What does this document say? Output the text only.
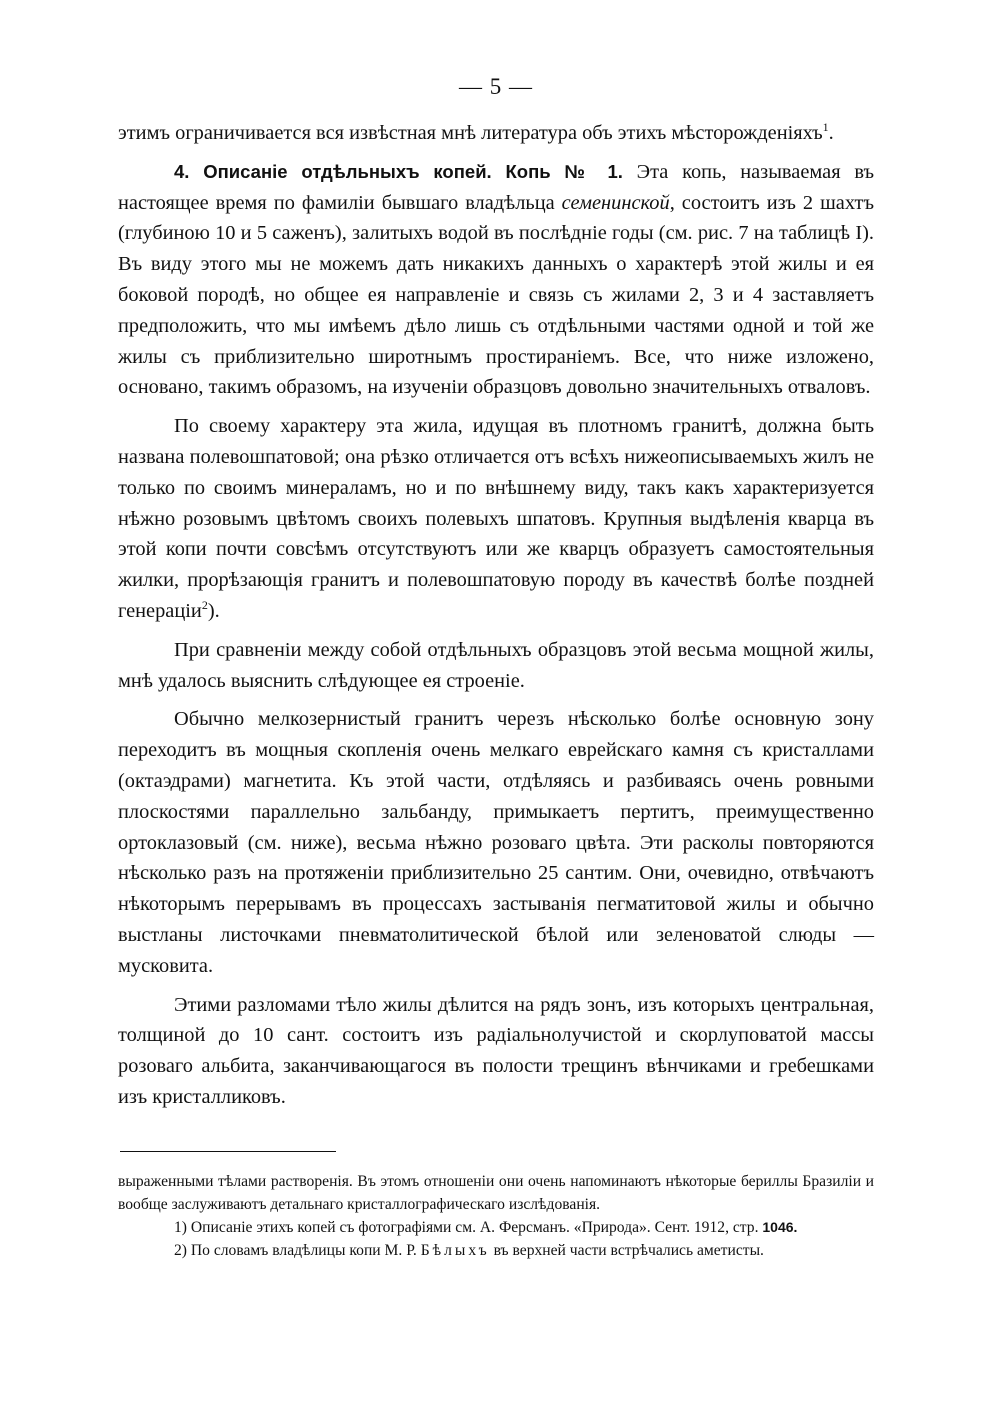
— 5 —

этимъ ограничивается вся извѣстная мнѣ литература объ этихъ мѣсторожденіяхъ$^1$.

4. Описаніе отдѣльныхъ копей. Копь № 1. Эта копь, называемая въ настоящее время по фамиліи бывшаго владѣльца семенинской, состоитъ изъ 2 шахтъ (глубиною 10 и 5 саженъ), залитыхъ водой въ послѣдніе годы (см. рис. 7 на таблицѣ I). Въ виду этого мы не можемъ дать никакихъ данныхъ о характерѣ этой жилы и ея боковой породѣ, но общее ея направленіе и связь съ жилами 2, 3 и 4 заставляетъ предположить, что мы имѣемъ дѣло лишь съ отдѣльными частями одной и той же жилы съ приблизительно широтнымъ простираніемъ. Все, что ниже изложено, основано, такимъ образомъ, на изученіи образцовъ довольно значительныхъ отваловъ.

По своему характеру эта жила, идущая въ плотномъ гранитѣ, должна быть названа полевошпатовой; она рѣзко отличается отъ всѣхъ нижеописываемыхъ жилъ не только по своимъ минераламъ, но и по внѣшнему виду, такъ какъ характеризуется нѣжно розовымъ цвѣтомъ своихъ полевыхъ шпатовъ. Крупныя выдѣленія кварца въ этой копи почти совсѣмъ отсутствуютъ или же кварцъ образуетъ самостоятельныя жилки, прорѣзающія гранитъ и полевошпатовую породу въ качествѣ болѣе поздней генераціи$^2$).

При сравненіи между собой отдѣльныхъ образцовъ этой весьма мощной жилы, мнѣ удалось выяснить слѣдующее ея строеніе.

Обычно мелкозернистый гранитъ черезъ нѣсколько болѣе основную зону переходитъ въ мощныя скопленія очень мелкаго еврейскаго камня съ кристаллами (октаэдрами) магнетита. Къ этой части, отдѣляясь и разбиваясь очень ровными плоскостями параллельно зальбанду, примыкаетъ пертитъ, преимущественно ортоклазовый (см. ниже), весьма нѣжно розоваго цвѣта. Эти расколы повторяются нѣсколько разъ на протяженіи приблизительно 25 сантим. Они, очевидно, отвѣчаютъ нѣкоторымъ перерывамъ въ процессахъ застыванія пегматитовой жилы и обычно выстланы листочками пневматолитической бѣлой или зеленоватой слюды — мусковита.

Этими разломами тѣло жилы дѣлится на рядъ зонъ, изъ которыхъ центральная, толщиной до 10 сант. состоитъ изъ радіальнолучистой и скорлуповатой массы розоваго альбита, заканчивающагося въ полости трещинъ вѣнчиками и гребешками изъ кристалликовъ.

выраженными тѣлами растворенія. Въ этомъ отношеніи они очень напоминаютъ нѣкоторые бериллы Бразиліи и вообще заслуживаютъ детальнаго кристаллографическаго изслѣдованія.

1) Описаніе этихъ копей съ фотографіями см. А. Ферсманъ. «Природа». Сент. 1912, стр. 1046.

2) По словамъ владѣлицы копи М. Р. Бѣлыхъ въ верхней части встрѣчались аметисты.
